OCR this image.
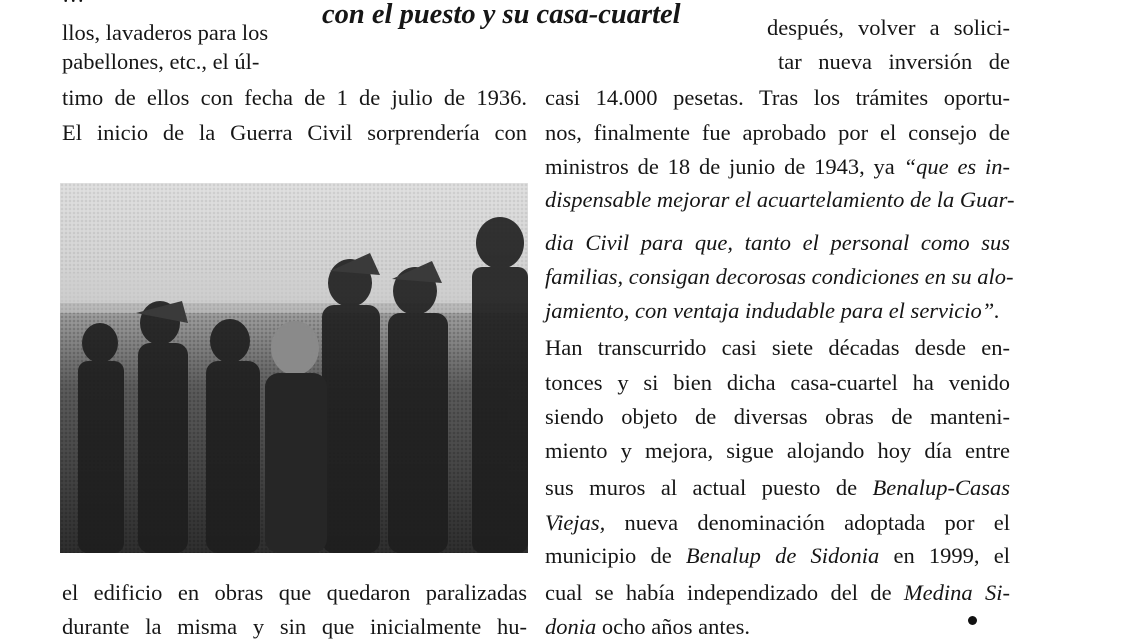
con el puesto y su casa-cuartel
llos, lavaderos para los
pabellones, etc., el úl-
timo de ellos con fecha de 1 de julio de 1936.
El inicio de la Guerra Civil sorprendería con
el edificio en obras que quedaron paralizadas
durante la misma y sin que inicialmente hu-
después, volver a solici-
tar nueva inversión de
casi 14.000 pesetas. Tras los trámites oportu-
nos, finalmente fue aprobado por el consejo de
ministros de 18 de junio de 1943, ya “que es in-
dispensable mejorar el acuartelamiento de la Guar-
dia Civil para que, tanto el personal como sus
familias, consigan decorosas condiciones en su alo-
jamiento, con ventaja indudable para el servicio”.
Han transcurrido casi siete décadas desde en-
tonces y si bien dicha casa-cuartel ha venido
siendo objeto de diversas obras de manteni-
miento y mejora, sigue alojando hoy día entre
sus muros al actual puesto de Benalup-Casas
Viejas, nueva denominación adoptada por el
municipio de Benalup de Sidonia en 1999, el
cual se había independizado del de Medina Si-
donia ocho años antes.
